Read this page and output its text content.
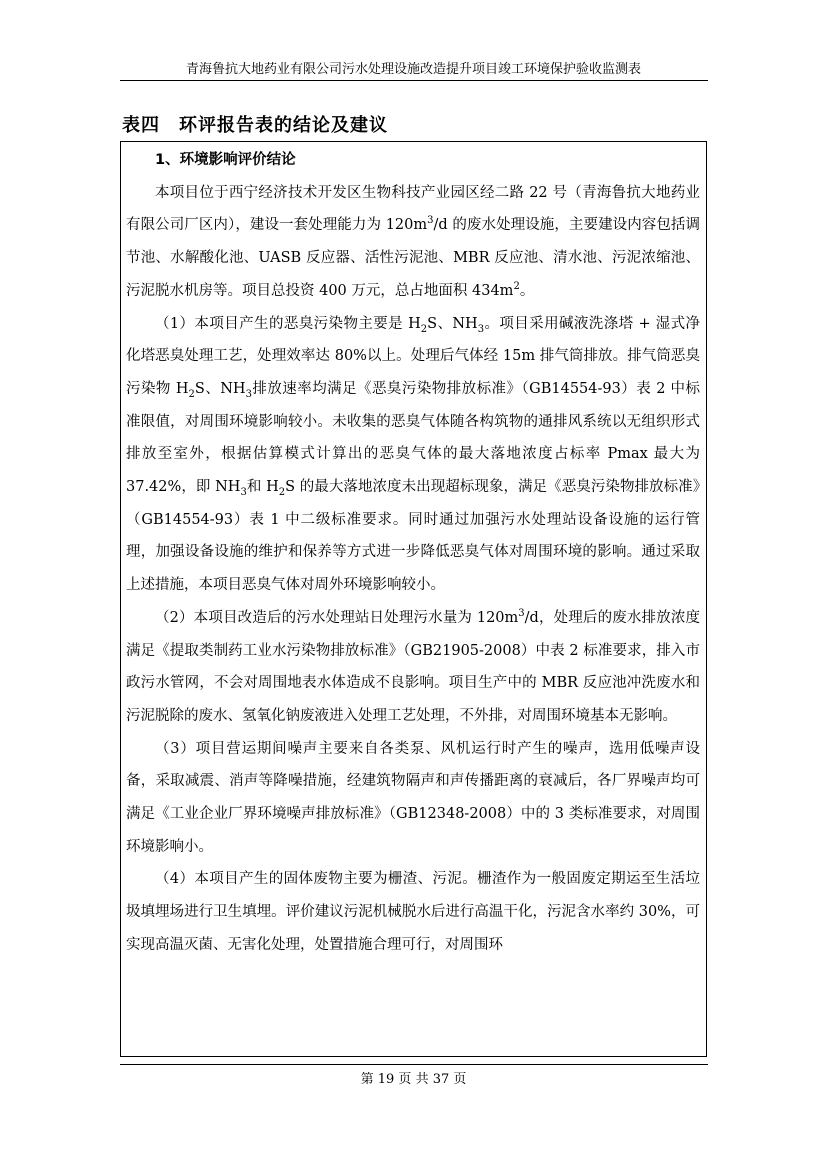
青海鲁抗大地药业有限公司污水处理设施改造提升项目竣工环境保护验收监测表
表四　环评报告表的结论及建议

1、环境影响评价结论

本项目位于西宁经济技术开发区生物科技产业园区经二路 22 号（青海鲁抗大地药业有限公司厂区内），建设一套处理能力为 $120m^3/d$ 的废水处理设施，主要建设内容包括调节池、水解酸化池、UASB 反应器、活性污泥池、MBR 反应池、清水池、污泥浓缩池、污泥脱水机房等。项目总投资 400 万元，总占地面积 $434m^2$。

（1）本项目产生的恶臭污染物主要是 $H_2S$、$NH_3$。项目采用碱液洗涤塔 + 湿式净化塔恶臭处理工艺，处理效率达 80%以上。处理后气体经 15m 排气筒排放。排气筒恶臭污染物 $H_2S$、$NH_3$排放速率均满足《恶臭污染物排放标准》（GB14554-93）表 2 中标准限值，对周围环境影响较小。未收集的恶臭气体随各构筑物的通排风系统以无组织形式排放至室外，根据估算模式计算出的恶臭气体的最大落地浓度占标率 Pmax 最大为 37.42%，即 $NH_3$和 $H_2S$ 的最大落地浓度未出现超标现象，满足《恶臭污染物排放标准》（GB14554-93）表 1 中二级标准要求。同时通过加强污水处理站设备设施的运行管理，加强设备设施的维护和保养等方式进一步降低恶臭气体对周围环境的影响。通过采取上述措施，本项目恶臭气体对周外环境影响较小。

（2）本项目改造后的污水处理站日处理污水量为 $120m^3/d$，处理后的废水排放浓度满足《提取类制药工业水污染物排放标准》（GB21905-2008）中表 2 标准要求，排入市政污水管网，不会对周围地表水体造成不良影响。项目生产中的 MBR 反应池冲洗废水和污泥脱除的废水、氢氧化钠废液进入处理工艺处理，不外排，对周围环境基本无影响。

（3）项目营运期间噪声主要来自各类泵、风机运行时产生的噪声，选用低噪声设备，采取减震、消声等降噪措施，经建筑物隔声和声传播距离的衰减后，各厂界噪声均可满足《工业企业厂界环境噪声排放标准》（GB12348-2008）中的 3 类标准要求，对周围环境影响小。

（4）本项目产生的固体废物主要为栅渣、污泥。栅渣作为一般固废定期运至生活垃圾填埋场进行卫生填埋。评价建议污泥机械脱水后进行高温干化，污泥含水率约 30%，可实现高温灭菌、无害化处理，处置措施合理可行，对周围环

第 19 页 共 37 页
